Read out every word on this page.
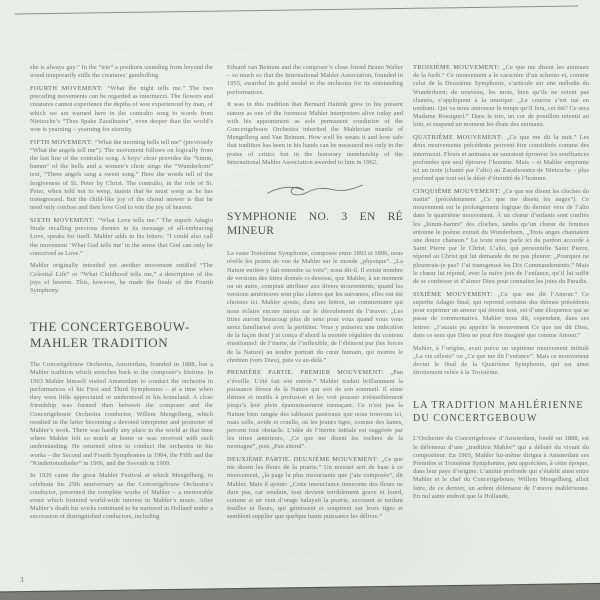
she is always gay.” In the “trio” a posthorn sounding from beyond the wood temporarily stills the creatures’ gambolling.

FOURTH MOVEMENT: “What the night tells me.” The two preceding movements can be regarded as intermezzi. The flowers and creatures cannot experience the depths of woe experienced by man, of which we are warned here in the contralto song to words from Nietzsche’s “Thus Spake Zarathustra”, even deeper than the world’s woe is yearning – yearning for eternity.

FIFTH MOVEMENT: “What the morning bells tell me” (previously “What the angels tell me”). The movement follows on logically from the last line of the contralto song. A boys’ choir provides the “bimm, bamm” of the bells and a women’s choir sings the “Wunderhorn” text, “Three angels sang a sweet song.” Here the words tell of the forgiveness of St. Peter by Christ. The contralto, in the role of St. Peter, when told not to weep, insists that he must weep as he has transgressed. But the child-like joy of the choral answer is that he need only confess and then love God to win the joy of heaven.

SIXTH MOVEMENT: “What Love tells me.” The superb Adagio finale recalling previous themes in its message of all-embracing Love, speaks for itself. Mahler adds in his letters: “I could also call the movement ‘What God tells me’ in the sense that God can only be conceived as Love.”

Mahler originally intended yet another movement entitled “The Celestial Life” or “What Childhood tells me,” a description of the joys of heaven. This, however, he made the finale of the Fourth Symphony.

THE CONCERTGEBOUW-
MAHLER TRADITION

The Concertgebouw Orchestra, Amsterdam, founded in 1888, has a Mahler tradition which stretches back to the composer’s lifetime. In 1903 Mahler himself visited Amsterdam to conduct the orchestra in performances of his First and Third Symphonies – at a time when they were little appreciated or understood in his homeland. A close friendship was formed then between the composer and the Concertgebouw Orchestra conductor, Willem Mengelberg, which resulted in the latter becoming a devoted interpreter and promoter of Mahler’s work. There was hardly any place in the world at that time where Mahler felt so much at home or was received with such understanding. He returned often to conduct the orchestra in his works – the Second and Fourth Symphonies in 1904, the Fifth and the “Kindertotenlieder” in 1906, and the Seventh in 1909.

In 1920 came the great Mahler Festival at which Mengelberg, to celebrate his 25th anniversary as the Concertgebouw Orchestra’s conductor, presented the complete works of Mahler – a memorable event which fostered world-wide interest in Mahler’s music. After Mahler’s death his works continued to be nurtured in Holland under a succession of distinguished conductors, including

Eduard van Beinum and the composer’s close friend Bruno Walter – so much so that the International Mahler Association, founded in 1955, awarded its gold medal to the orchestra for its outstanding performances.

It was in this tradition that Bernard Haitink grew to his present stature as one of the foremost Mahler interpreters alive today and with his appointment as sole permanent conductor of the Concertgebouw Orchestra inherited the Mahlerian mantle of Mengelberg and Van Beinum. How well he wears it and how safe that tradition has been in his hands can be measured not only in the praise of critics but in the honorary membership of the International Mahler Association awarded to him in 1962.

SYMPHONIE NO. 3 EN RÉ MINEUR

La vaste Troisième Symphonie, composée entre 1893 et 1896, nous révèle les points de vue de Mahler sur le monde „physique”. „La Nature entière y fait entendre sa voix”, nous dit-il. Il existe nombre de versions des titres donnés ci-dessous, que Mahler, à un moment ou un autre, comptait attribuer aux divers mouvements; quand les versions antérieures sont plus claires que les suivantes, elles ont été choisies ici. Mahler ajoute, dans ses lettres, un commentaire qui nous éclaire encore mieux sur le déroulement de l’œuvre: „Les titres auront beaucoup plus de sens pour vous quand vous vous serez familiarisé avec la partition. Vous y puiserez une indication de la façon dont j’ai conçu d’abord la montée régulière du contenu émotionnel: de l’inerte, de l’inflexible, de l’élément pur (les forces de la Nature) au tendre portrait du cœur humain, qui montre le chrétien (vers Dieu), puis va au-delà.”

PREMIÈRE PARTIE. PREMIER MOUVEMENT: „Pan s’éveille. L’été fait son entrée.” Mahler traduit brillamment la puissance féroce de la Nature qui sort de son sommeil. Il sème thèmes et motifs à profusion et les voit pousser irrésistiblement jusqu’à leur plein épanouissement menaçant. Ce n’est pas la Nature bien rangée des tableaux pastoraux que nous trouvons ici, mais celle, avide et cruelle, où les jeunes tiges, comme des lames, percent tout obstacle. L’idée de l’inertie initiale est suggérée par les titres antérieurs, „Ce que me disent les rochers de la montagne”, puis „Pan attend”.

DEUXIÈME PARTIE. DEUXIÈME MOUVEMENT: „Ce que me disent les fleurs de la prairie.” Un menuet sert de base à ce mouvement, „la page la plus insouciante que j’aie composée”, dit Mahler. Mais il ajoute: „Cette insouciance innocente des fleurs ne dure pas, car soudain, tout devient terriblement grave et lourd, comme si un vent d’orage balayait la prairie, secouant et tordant feuilles et fleurs, qui gémissent et soupirent sur leurs tiges et semblent supplier que quelque haute puissance les délivre.”

TROISIÈME MOUVEMENT: „Ce que me disent les animaux de la forêt.” Ce mouvement a le caractère d’un scherzo et, comme celui de la Deuxième Symphonie, s’articule sur une mélodie du Wunderhorn; de nouveau, les mots, bien qu’ils ne soient pas chantés, s’appliquent à la musique: „Le coucou s’est tué en tombant. Qui va nous annoncer le temps qu’il fera, cet été? Ce sera Madame Rossignol.” Dans le trio, un cor de postillon retentit au loin, et suspend un moment les ébats des animaux.

QUATRIÈME MOUVEMENT: „Ce que me dit la nuit.” Les deux mouvements précédents peuvent être considérés comme des intermezzi. Fleurs et animaux ne sauraient éprouver les souffrances profondes que seul éprouve l’homme. Mais – et Mahler emprunte ici un texte (chanté par l’alto) au Zarathoustra de Nietzsche – plus profond que tout est le désir d’éternité de l’homme.

CINQUIÈME MOUVEMENT: „Ce que me disent les cloches du matin” (précédemment „Ce que me disent les anges”). Ce mouvement est le prolongement logique du dernier vers de l’alto dans le quatrième mouvement. À un chœur d’enfants sont confiés les „bimm-bamm” des cloches, tandis qu’un chœur de femmes entonne le poème extrait du Wunderhorn, „Trois anges chantaient une douce chanson.” Le texte nous parle ici du pardon accordé à Saint Pierre par le Christ. L’alto, qui personnifie Saint Pierre, répond au Christ qui lui demande de ne pas pleurer: „Pourquoi ne pleurerais-je pas? J’ai transgressé les Dix Commandements.” Mais le chœur lui répond, avec la naïve joie de l’enfance, qu’il lui suffit de se confesser et d’aimer Dieu pour connaître les joies du Paradis.

SIXIÈME MOUVEMENT: „Ce que me dit l’Amour.” Ce superbe Adagio final, qui reprend certains des thèmes précédents pour exprimer un amour qui étreint tout, est d’une éloquence qui se passe de commentaires. Mahler nous dit, cependant, dans ses lettres: „J’aurais pu appeler le mouvement Ce que me dit Dieu, dans ce sens que Dieu ne peut être imaginé que comme Amour.”

Mahler, à l’origine, avait prévu un septième mouvement intitulé „La vie céleste” ou „Ce que me dit l’enfance”. Mais ce mouvement devint le final de la Quatrième Symphonie, qui est ainsi étroitement reliée à la Troisième.

LA TRADITION MAHLÉRIENNE
DU CONCERTGEBOUW

L’Orchestre du Concertgebouw d’Amsterdam, fondé en 1888, est le défenseur d’une „tradition Mahler” qui a débuté du vivant du compositeur. En 1903, Mahler lui-même dirigea à Amsterdam ses Première et Troisième Symphonies, peu appréciées, à cette époque, dans leur pays d’origine. L’amitié profonde qui s’établit ainsi entre Mahler et le chef du Concertgebouw, Willem Mengelberg, allait faire, de ce dernier, un ardent défenseur de l’œuvre mahlérienne. En nul autre endroit que la Hollande,

3
